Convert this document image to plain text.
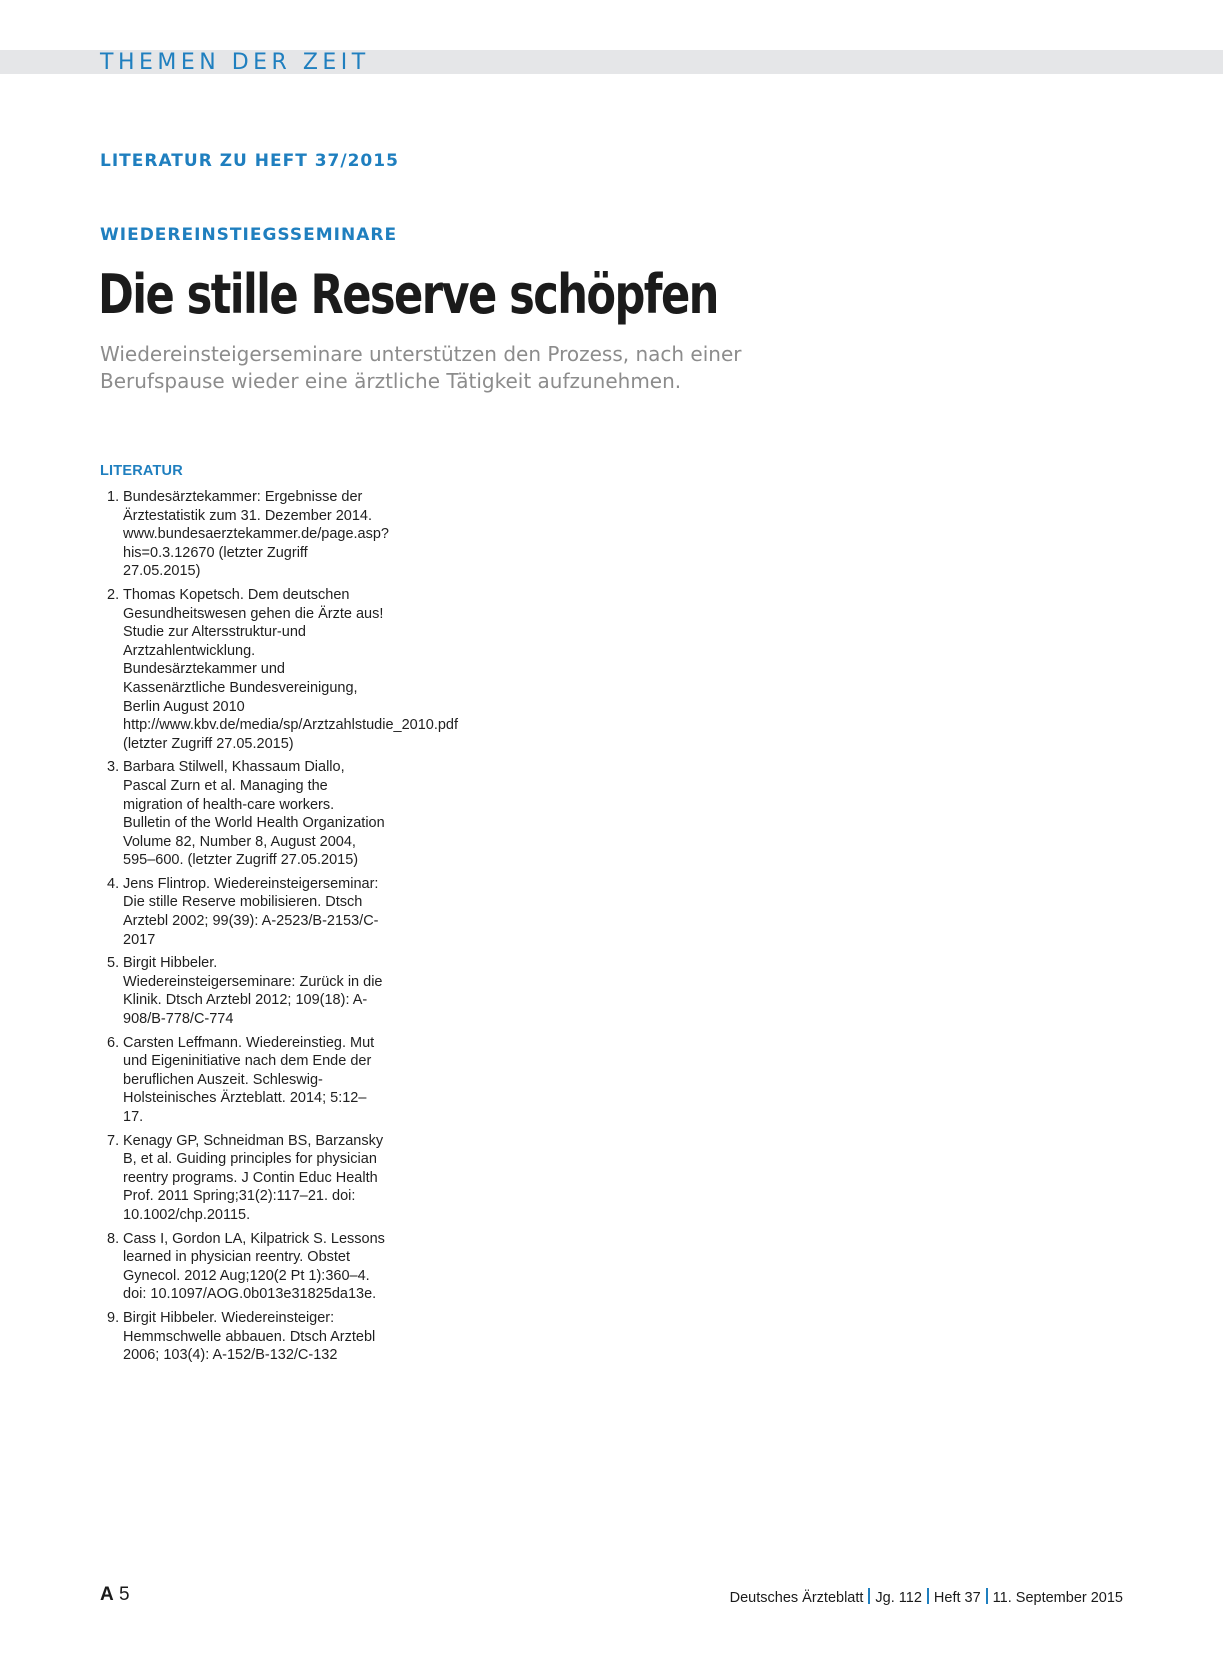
THEMEN DER ZEIT
LITERATUR ZU HEFT 37/2015
WIEDEREINSTIEGSSEMINARE
Die stille Reserve schöpfen
Wiedereinsteigerseminare unterstützen den Prozess, nach einer Berufspause wieder eine ärztliche Tätigkeit aufzunehmen.
LITERATUR
1. Bundesärztekammer: Ergebnisse der Ärztestatistik zum 31. Dezember 2014. www.bundesaerztekammer.de/page.asp?his=0.3.12670 (letzter Zugriff 27.05.2015)
2. Thomas Kopetsch. Dem deutschen Gesundheitswesen gehen die Ärzte aus! Studie zur Altersstruktur-und Arztzahlentwicklung. Bundesärztekammer und Kassenärztliche Bundesvereinigung, Berlin August 2010 http://www.kbv.de/media/sp/Arztzahlstudie_2010.pdf (letzter Zugriff 27.05.2015)
3. Barbara Stilwell, Khassaum Diallo, Pascal Zurn et al. Managing the migration of health-care workers. Bulletin of the World Health Organization Volume 82, Number 8, August 2004, 595–600. (letzter Zugriff 27.05.2015)
4. Jens Flintrop. Wiedereinsteigerseminar: Die stille Reserve mobilisieren. Dtsch Arztebl 2002; 99(39): A-2523/B-2153/C-2017
5. Birgit Hibbeler. Wiedereinsteigerseminare: Zurück in die Klinik. Dtsch Arztebl 2012; 109(18): A-908/B-778/C-774
6. Carsten Leffmann. Wiedereinstieg. Mut und Eigeninitiative nach dem Ende der beruflichen Auszeit. Schleswig-Holsteinisches Ärzteblatt. 2014; 5:12–17.
7. Kenagy GP, Schneidman BS, Barzansky B, et al. Guiding principles for physician reentry programs. J Contin Educ Health Prof. 2011 Spring;31(2):117–21. doi: 10.1002/chp.20115.
8. Cass I, Gordon LA, Kilpatrick S. Lessons learned in physician reentry. Obstet Gynecol. 2012 Aug;120(2 Pt 1):360–4. doi: 10.1097/AOG.0b013e31825da13e.
9. Birgit Hibbeler. Wiedereinsteiger: Hemmschwelle abbauen. Dtsch Arztebl 2006; 103(4): A-152/B-132/C-132
A 5	Deutsches Ärzteblatt Jg. 112 Heft 37 11. September 2015
